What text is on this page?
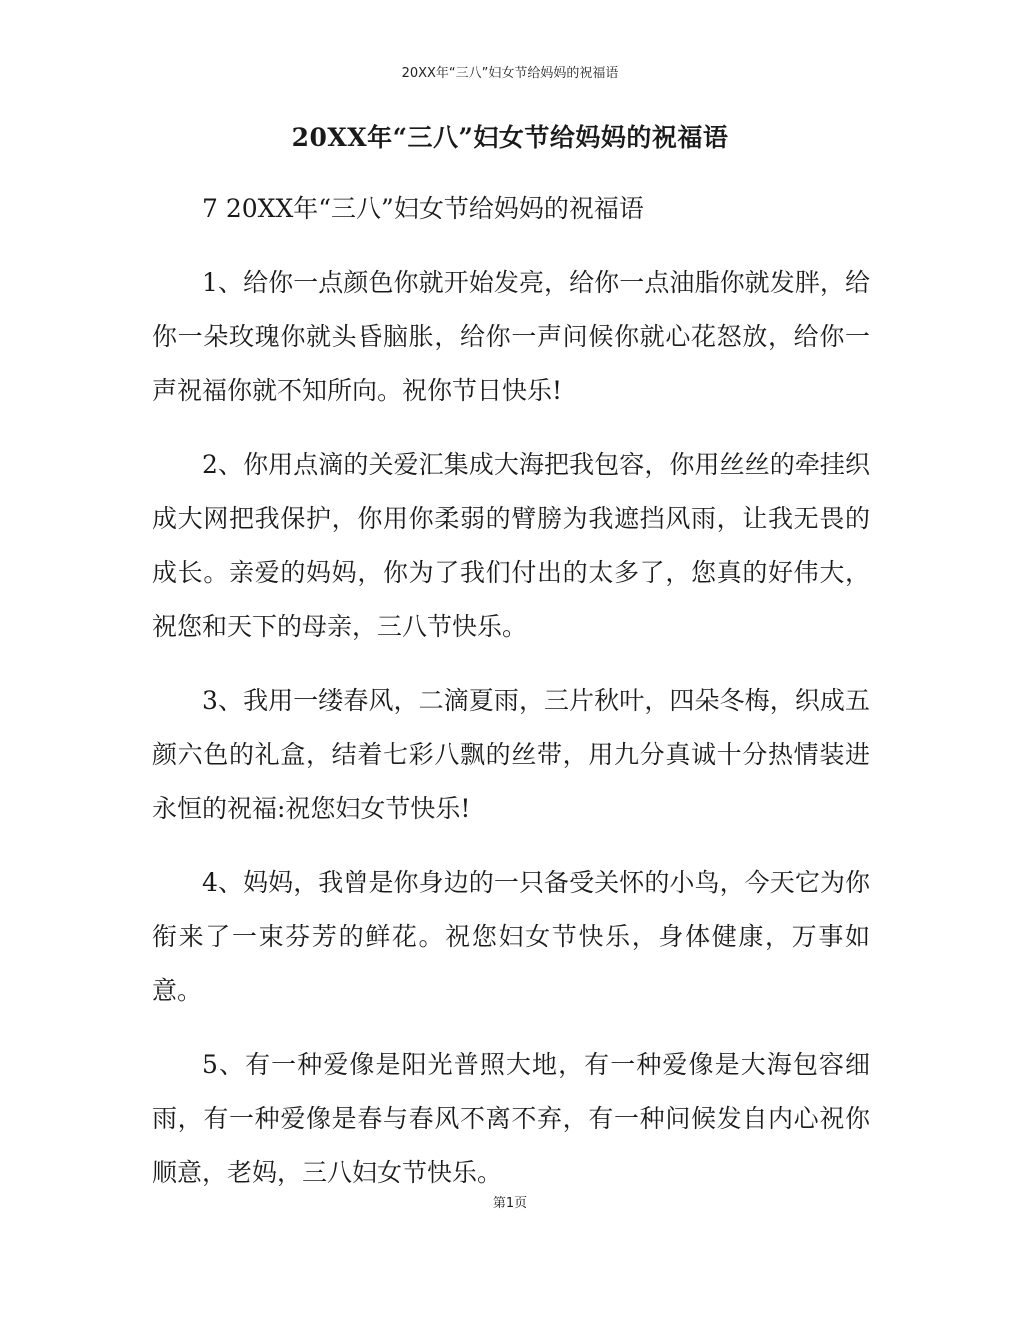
20XX年“三八”妇女节给妈妈的祝福语
20XX年“三八”妇女节给妈妈的祝福语

7 20XX年“三八”妇女节给妈妈的祝福语

1、给你一点颜色你就开始发亮，给你一点油脂你就发胖，给你一朵玫瑰你就头昏脑胀，给你一声问候你就心花怒放，给你一声祝福你就不知所向。祝你节日快乐!

2、你用点滴的关爱汇集成大海把我包容，你用丝丝的牵挂织成大网把我保护，你用你柔弱的臂膀为我遮挡风雨，让我无畏的成长。亲爱的妈妈，你为了我们付出的太多了，您真的好伟大，祝您和天下的母亲，三八节快乐。

3、我用一缕春风，二滴夏雨，三片秋叶，四朵冬梅，织成五颜六色的礼盒，结着七彩八飘的丝带，用九分真诚十分热情装进永恒的祝福:祝您妇女节快乐!

4、妈妈，我曾是你身边的一只备受关怀的小鸟，今天它为你衔来了一束芬芳的鲜花。祝您妇女节快乐，身体健康，万事如意。

5、有一种爱像是阳光普照大地，有一种爱像是大海包容细雨，有一种爱像是春与春风不离不弃，有一种问候发自内心祝你顺意，老妈，三八妇女节快乐。

第1页
